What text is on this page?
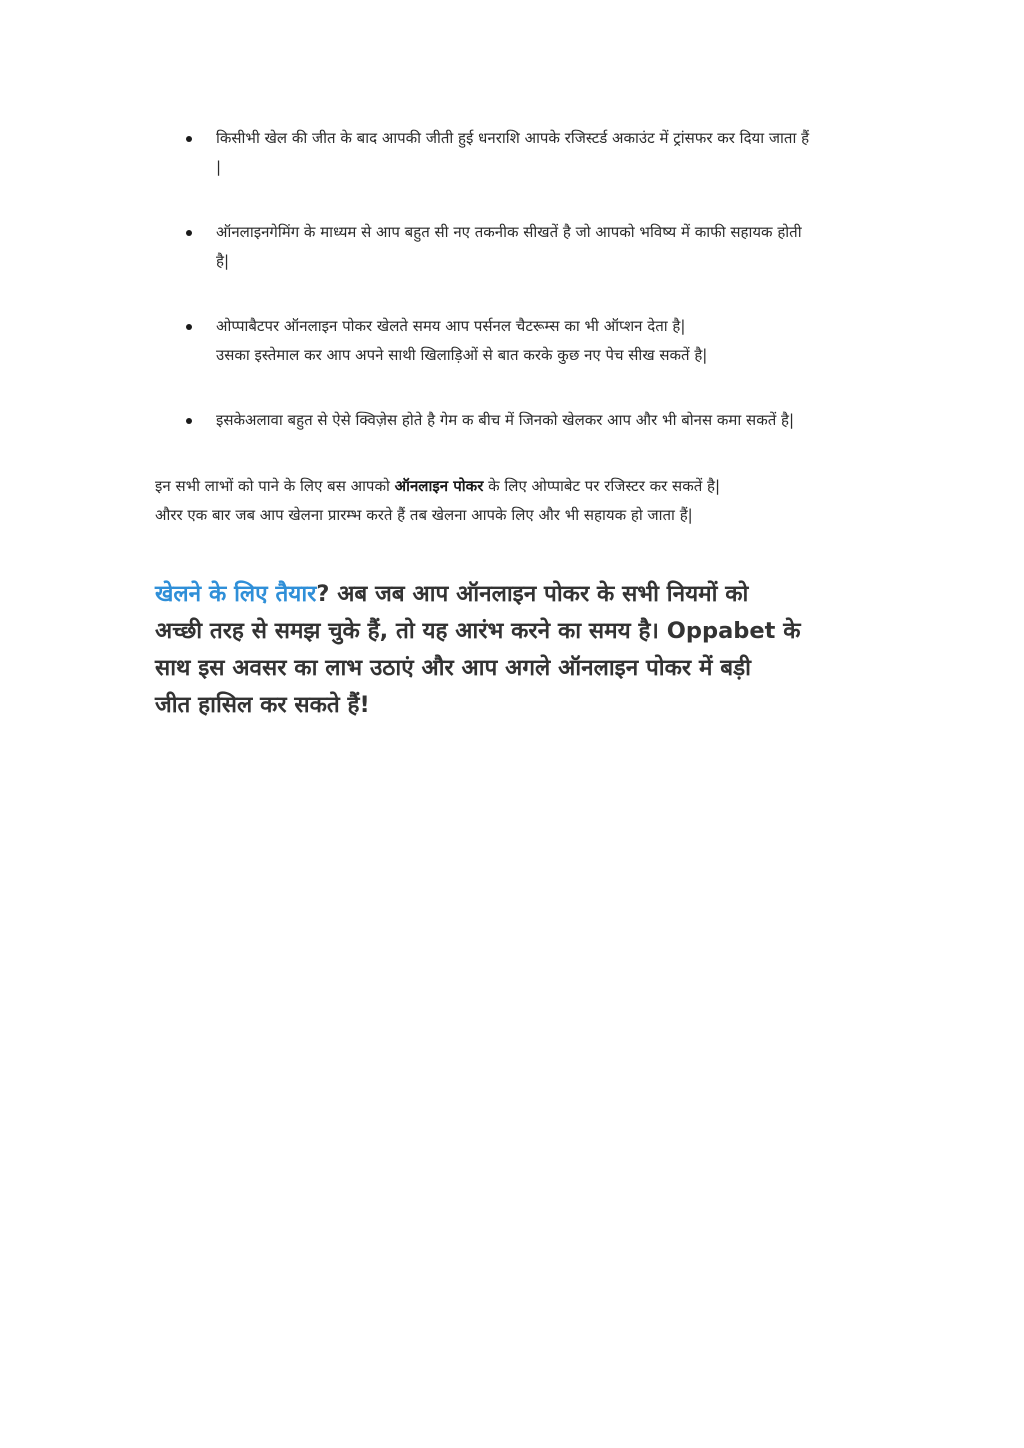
किसीभी खेल की जीत के बाद आपकी जीती हुई धनराशि आपके रजिस्टर्ड अकाउंट में ट्रांसफर कर दिया जाता हैं
|
ऑनलाइनगेमिंग के माध्यम से आप बहुत सी नए तकनीक सीखतें है जो आपको भविष्य में काफी सहायक होती
है|
ओप्पाबैटपर ऑनलाइन पोकर खेलते समय आप पर्सनल चैटरूम्स का भी ऑप्शन देता है|
उसका इस्तेमाल कर आप अपने साथी खिलाड़िओं से बात करके कुछ नए पेच सीख सकतें है|
इसकेअलावा बहुत से ऐसे क्विज़ेस होते है गेम क बीच में जिनको खेलकर आप और भी बोनस कमा सकतें है|
इन सभी लाभों को पाने के लिए बस आपको ऑनलाइन पोकर के लिए ओप्पाबेट पर रजिस्टर कर सकतें है|
औरर एक बार जब आप खेलना प्रारम्भ करते हैं तब खेलना आपके लिए और भी सहायक हो जाता हैं|
खेलने के लिए तैयार? अब जब आप ऑनलाइन पोकर के सभी नियमों को
अच्छी तरह से समझ चुके हैं, तो यह आरंभ करने का समय है। Oppabet के
साथ इस अवसर का लाभ उठाएं और आप अगले ऑनलाइन पोकर में बड़ी
जीत हासिल कर सकते हैं!
